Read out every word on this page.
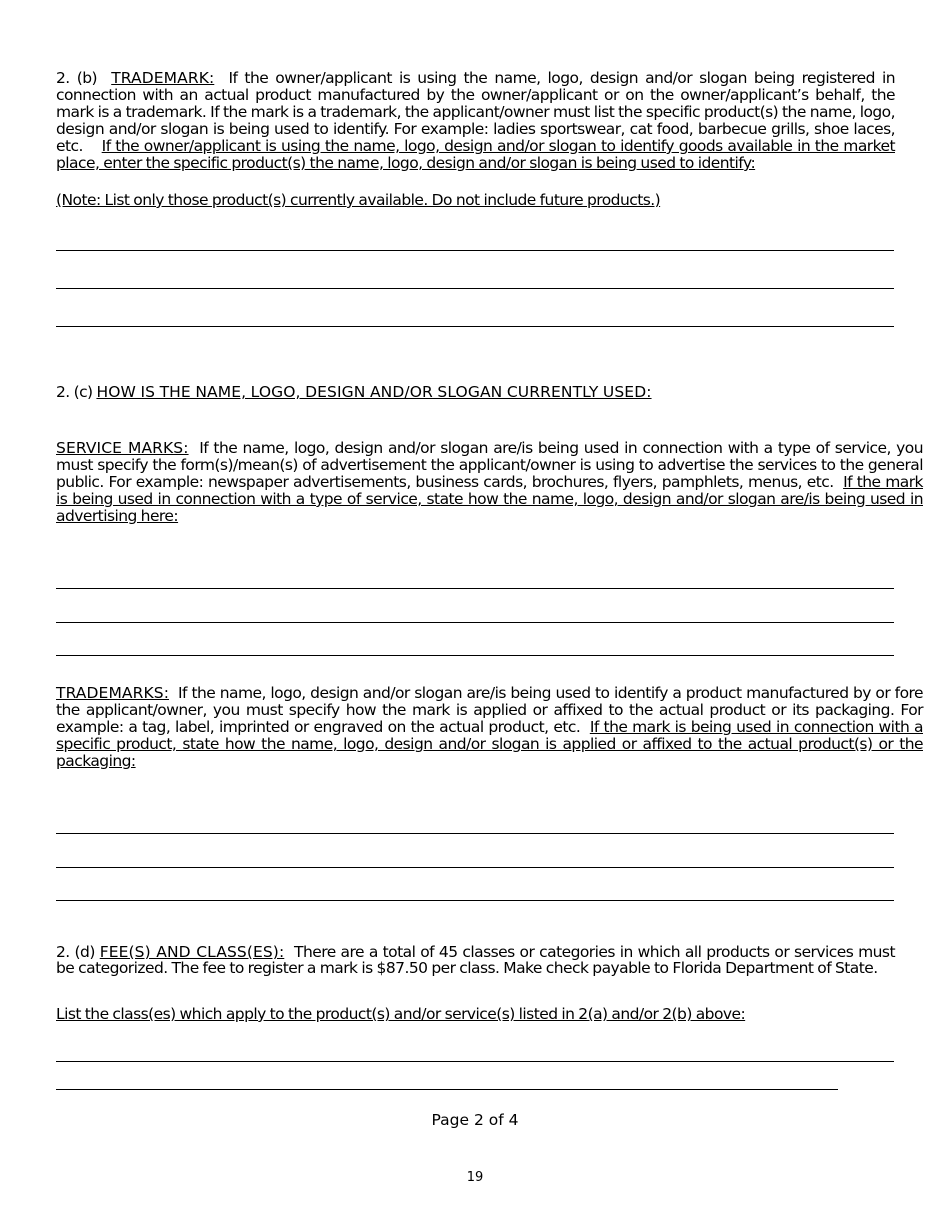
2. (b) TRADEMARK: If the owner/applicant is using the name, logo, design and/or slogan being registered in connection with an actual product manufactured by the owner/applicant or on the owner/applicant’s behalf, the mark is a trademark. If the mark is a trademark, the applicant/owner must list the specific product(s) the name, logo, design and/or slogan is being used to identify. For example: ladies sportswear, cat food, barbecue grills, shoe laces, etc. If the owner/applicant is using the name, logo, design and/or slogan to identify goods available in the market place, enter the specific product(s) the name, logo, design and/or slogan is being used to identify:
(Note: List only those product(s) currently available. Do not include future products.)
2. (c) HOW IS THE NAME, LOGO, DESIGN AND/OR SLOGAN CURRENTLY USED:
SERVICE MARKS: If the name, logo, design and/or slogan are/is being used in connection with a type of service, you must specify the form(s)/mean(s) of advertisement the applicant/owner is using to advertise the services to the general public. For example: newspaper advertisements, business cards, brochures, flyers, pamphlets, menus, etc. If the mark is being used in connection with a type of service, state how the name, logo, design and/or slogan are/is being used in advertising here:
TRADEMARKS: If the name, logo, design and/or slogan are/is being used to identify a product manufactured by or fore the applicant/owner, you must specify how the mark is applied or affixed to the actual product or its packaging. For example: a tag, label, imprinted or engraved on the actual product, etc. If the mark is being used in connection with a specific product, state how the name, logo, design and/or slogan is applied or affixed to the actual product(s) or the packaging:
2. (d) FEE(S) AND CLASS(ES): There are a total of 45 classes or categories in which all products or services must be categorized. The fee to register a mark is $87.50 per class. Make check payable to Florida Department of State.
List the class(es) which apply to the product(s) and/or service(s) listed in 2(a) and/or 2(b) above:
Page 2 of 4
19
